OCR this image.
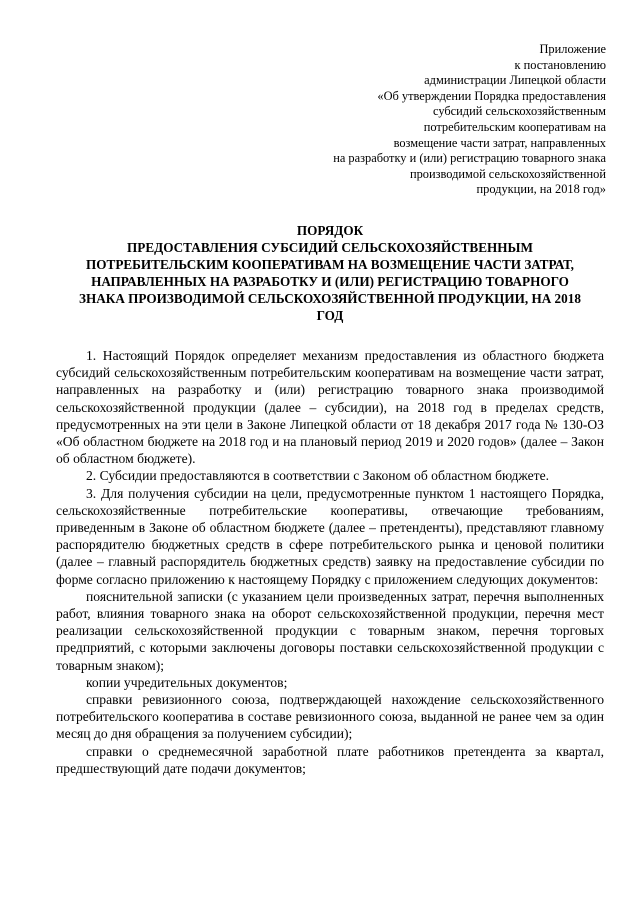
Приложение
к постановлению
администрации Липецкой области
«Об утверждении Порядка предоставления
субсидий сельскохозяйственным
потребительским кооперативам на
возмещение части затрат, направленных
на разработку и (или) регистрацию товарного знака
производимой сельскохозяйственной
продукции, на 2018 год»
ПОРЯДОК
ПРЕДОСТАВЛЕНИЯ СУБСИДИЙ СЕЛЬСКОХОЗЯЙСТВЕННЫМ
ПОТРЕБИТЕЛЬСКИМ КООПЕРАТИВАМ НА ВОЗМЕЩЕНИЕ ЧАСТИ ЗАТРАТ,
НАПРАВЛЕННЫХ НА РАЗРАБОТКУ И (ИЛИ) РЕГИСТРАЦИЮ ТОВАРНОГО
ЗНАКА ПРОИЗВОДИМОЙ СЕЛЬСКОХОЗЯЙСТВЕННОЙ ПРОДУКЦИИ, НА 2018
ГОД

1. Настоящий Порядок определяет механизм предоставления из областного бюджета субсидий сельскохозяйственным потребительским кооперативам на возмещение части затрат, направленных на разработку и (или) регистрацию товарного знака производимой сельскохозяйственной продукции (далее – субсидии), на 2018 год в пределах средств, предусмотренных на эти цели в Законе Липецкой области от 18 декабря 2017 года № 130-ОЗ «Об областном бюджете на 2018 год и на плановый период 2019 и 2020 годов» (далее – Закон об областном бюджете).

2. Субсидии предоставляются в соответствии с Законом об областном бюджете.

3. Для получения субсидии на цели, предусмотренные пунктом 1 настоящего Порядка, сельскохозяйственные потребительские кооперативы, отвечающие требованиям, приведенным в Законе об областном бюджете (далее – претенденты), представляют главному распорядителю бюджетных средств в сфере потребительского рынка и ценовой политики (далее – главный распорядитель бюджетных средств) заявку на предоставление субсидии по форме согласно приложению к настоящему Порядку с приложением следующих документов:

пояснительной записки (с указанием цели произведенных затрат, перечня выполненных работ, влияния товарного знака на оборот сельскохозяйственной продукции, перечня мест реализации сельскохозяйственной продукции с товарным знаком, перечня торговых предприятий, с которыми заключены договоры поставки сельскохозяйственной продукции с товарным знаком);

копии учредительных документов;

справки ревизионного союза, подтверждающей нахождение сельскохозяйственного потребительского кооператива в составе ревизионного союза, выданной не ранее чем за один месяц до дня обращения за получением субсидии);

справки о среднемесячной заработной плате работников претендента за квартал, предшествующий дате подачи документов;
